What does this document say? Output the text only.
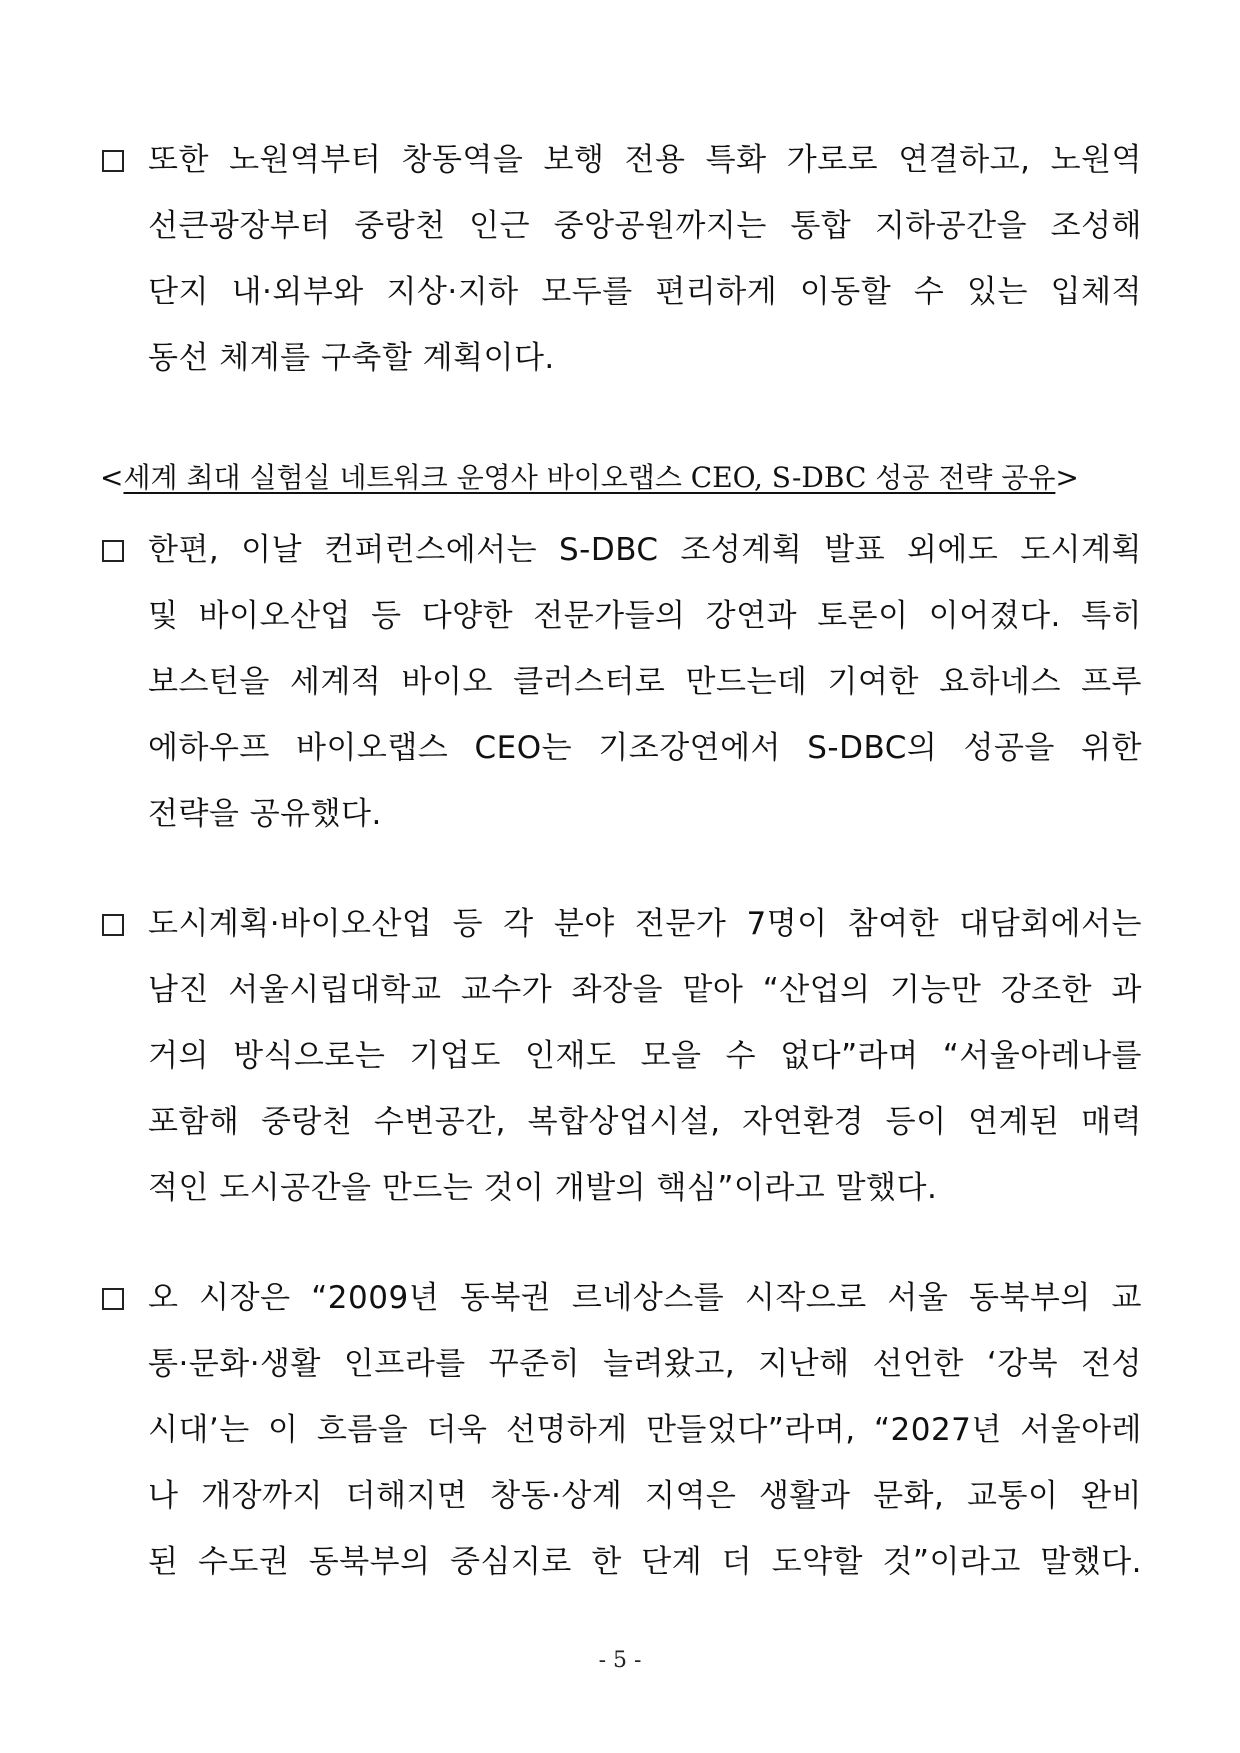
또한 노원역부터 창동역을 보행 전용 특화 가로로 연결하고, 노원역
선큰광장부터 중랑천 인근 중앙공원까지는 통합 지하공간을 조성해
단지 내·외부와 지상·지하 모두를 편리하게 이동할 수 있는 입체적
동선 체계를 구축할 계획이다.
<세계 최대 실험실 네트워크 운영사 바이오랩스 CEO, S-DBC 성공 전략 공유>
한편, 이날 컨퍼런스에서는 S-DBC 조성계획 발표 외에도 도시계획
및 바이오산업 등 다양한 전문가들의 강연과 토론이 이어졌다. 특히
보스턴을 세계적 바이오 클러스터로 만드는데 기여한 요하네스 프루
에하우프 바이오랩스 CEO는 기조강연에서 S-DBC의 성공을 위한
전략을 공유했다.
도시계획·바이오산업 등 각 분야 전문가 7명이 참여한 대담회에서는
남진 서울시립대학교 교수가 좌장을 맡아 “산업의 기능만 강조한 과
거의 방식으로는 기업도 인재도 모을 수 없다”라며 “서울아레나를
포함해 중랑천 수변공간, 복합상업시설, 자연환경 등이 연계된 매력
적인 도시공간을 만드는 것이 개발의 핵심”이라고 말했다.
오 시장은 “2009년 동북권 르네상스를 시작으로 서울 동북부의 교
통·문화·생활 인프라를 꾸준히 늘려왔고, 지난해 선언한 ‘강북 전성
시대’는 이 흐름을 더욱 선명하게 만들었다”라며, “2027년 서울아레
나 개장까지 더해지면 창동·상계 지역은 생활과 문화, 교통이 완비
된 수도권 동북부의 중심지로 한 단계 더 도약할 것”이라고 말했다.
- 5 -
